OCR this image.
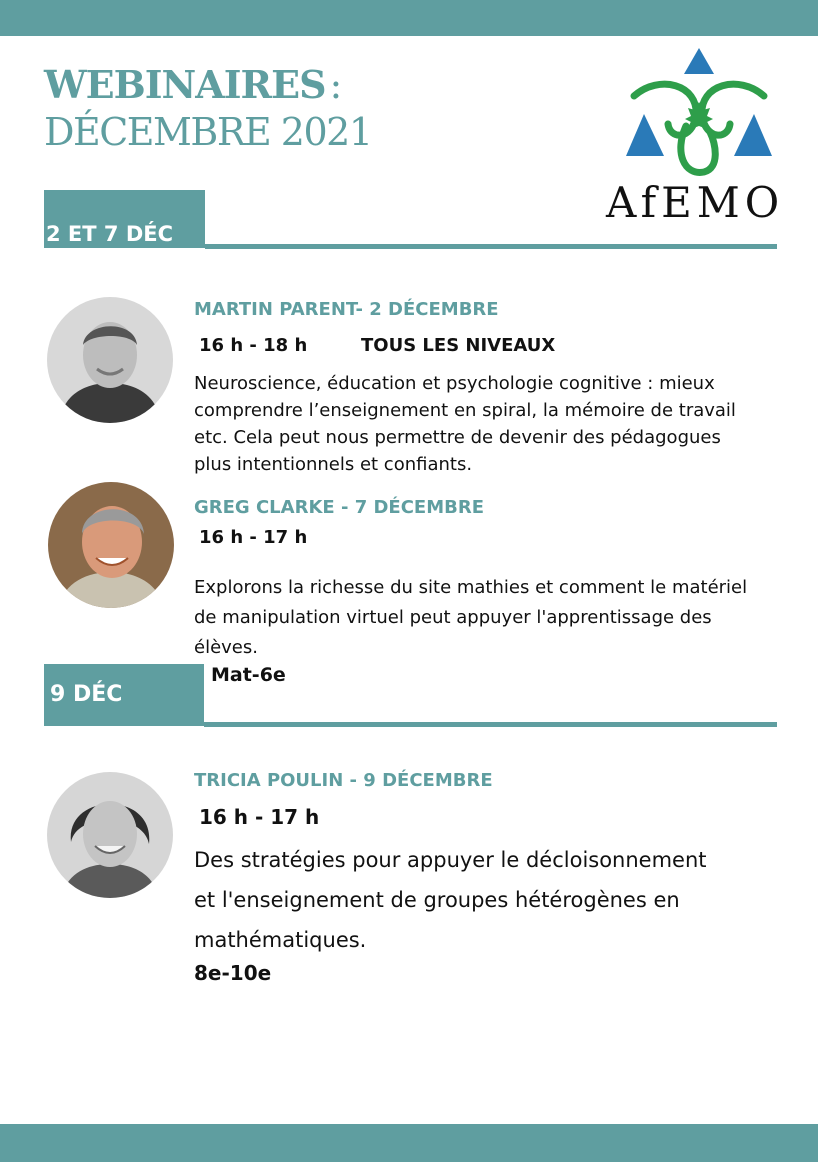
WEBINAIRES :
DÉCEMBRE 2021
AfEMO
2 ET 7 DÉC
MARTIN PARENT- 2 DÉCEMBRE
16 h - 18 h	TOUS LES NIVEAUX
Neuroscience, éducation et psychologie cognitive : mieux
comprendre l’enseignement en spiral, la mémoire de travail
etc. Cela peut nous permettre de devenir des pédagogues
plus intentionnels et confiants.
GREG CLARKE - 7 DÉCEMBRE
16 h - 17 h
Explorons la richesse du site mathies et comment le matériel
de manipulation virtuel peut appuyer l'apprentissage des
élèves.
Mat-6e
9 DÉC
TRICIA POULIN - 9 DÉCEMBRE
16 h - 17 h
Des stratégies pour appuyer le décloisonnement
et l'enseignement de groupes hétérogènes en
mathématiques.
8e-10e
